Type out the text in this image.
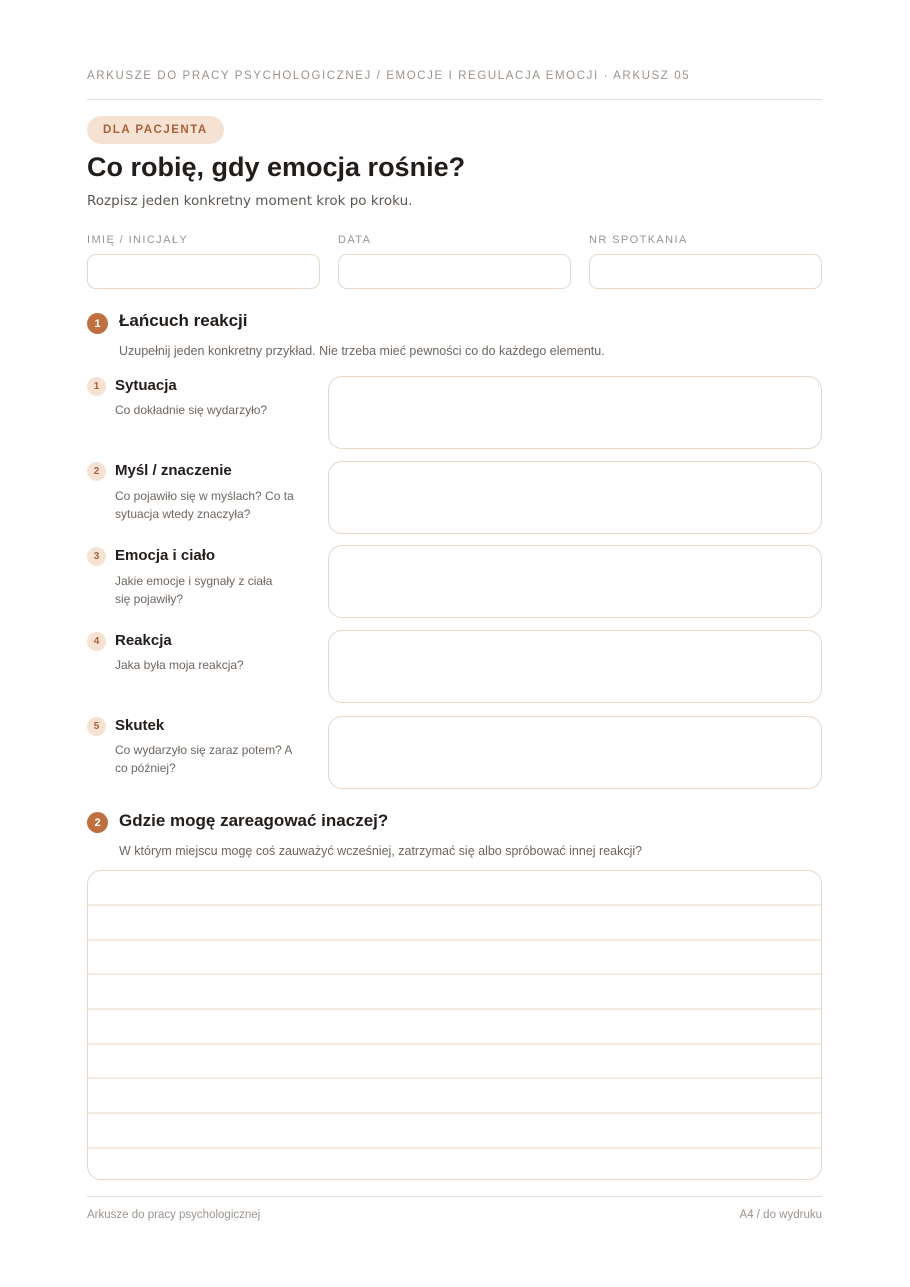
ARKUSZE DO PRACY PSYCHOLOGICZNEJ / EMOCJE I REGULACJA EMOCJI · ARKUSZ 05
DLA PACJENTA
Co robię, gdy emocja rośnie?
Rozpisz jeden konkretny moment krok po kroku.
IMIĘ / INICJAŁY	DATA	NR SPOTKANIA
1	Łańcuch reakcji
Uzupełnij jeden konkretny przykład. Nie trzeba mieć pewności co do każdego elementu.
1	Sytuacja
Co dokładnie się wydarzyło?
2	Myśl / znaczenie
Co pojawiło się w myślach? Co ta sytuacja wtedy znaczyła?
3	Emocja i ciało
Jakie emocje i sygnały z ciała się pojawiły?
4	Reakcja
Jaka była moja reakcja?
5	Skutek
Co wydarzyło się zaraz potem? A co później?
2	Gdzie mogę zareagować inaczej?
W którym miejscu mogę coś zauważyć wcześniej, zatrzymać się albo spróbować innej reakcji?
Arkusze do pracy psychologicznej	A4 / do wydruku
